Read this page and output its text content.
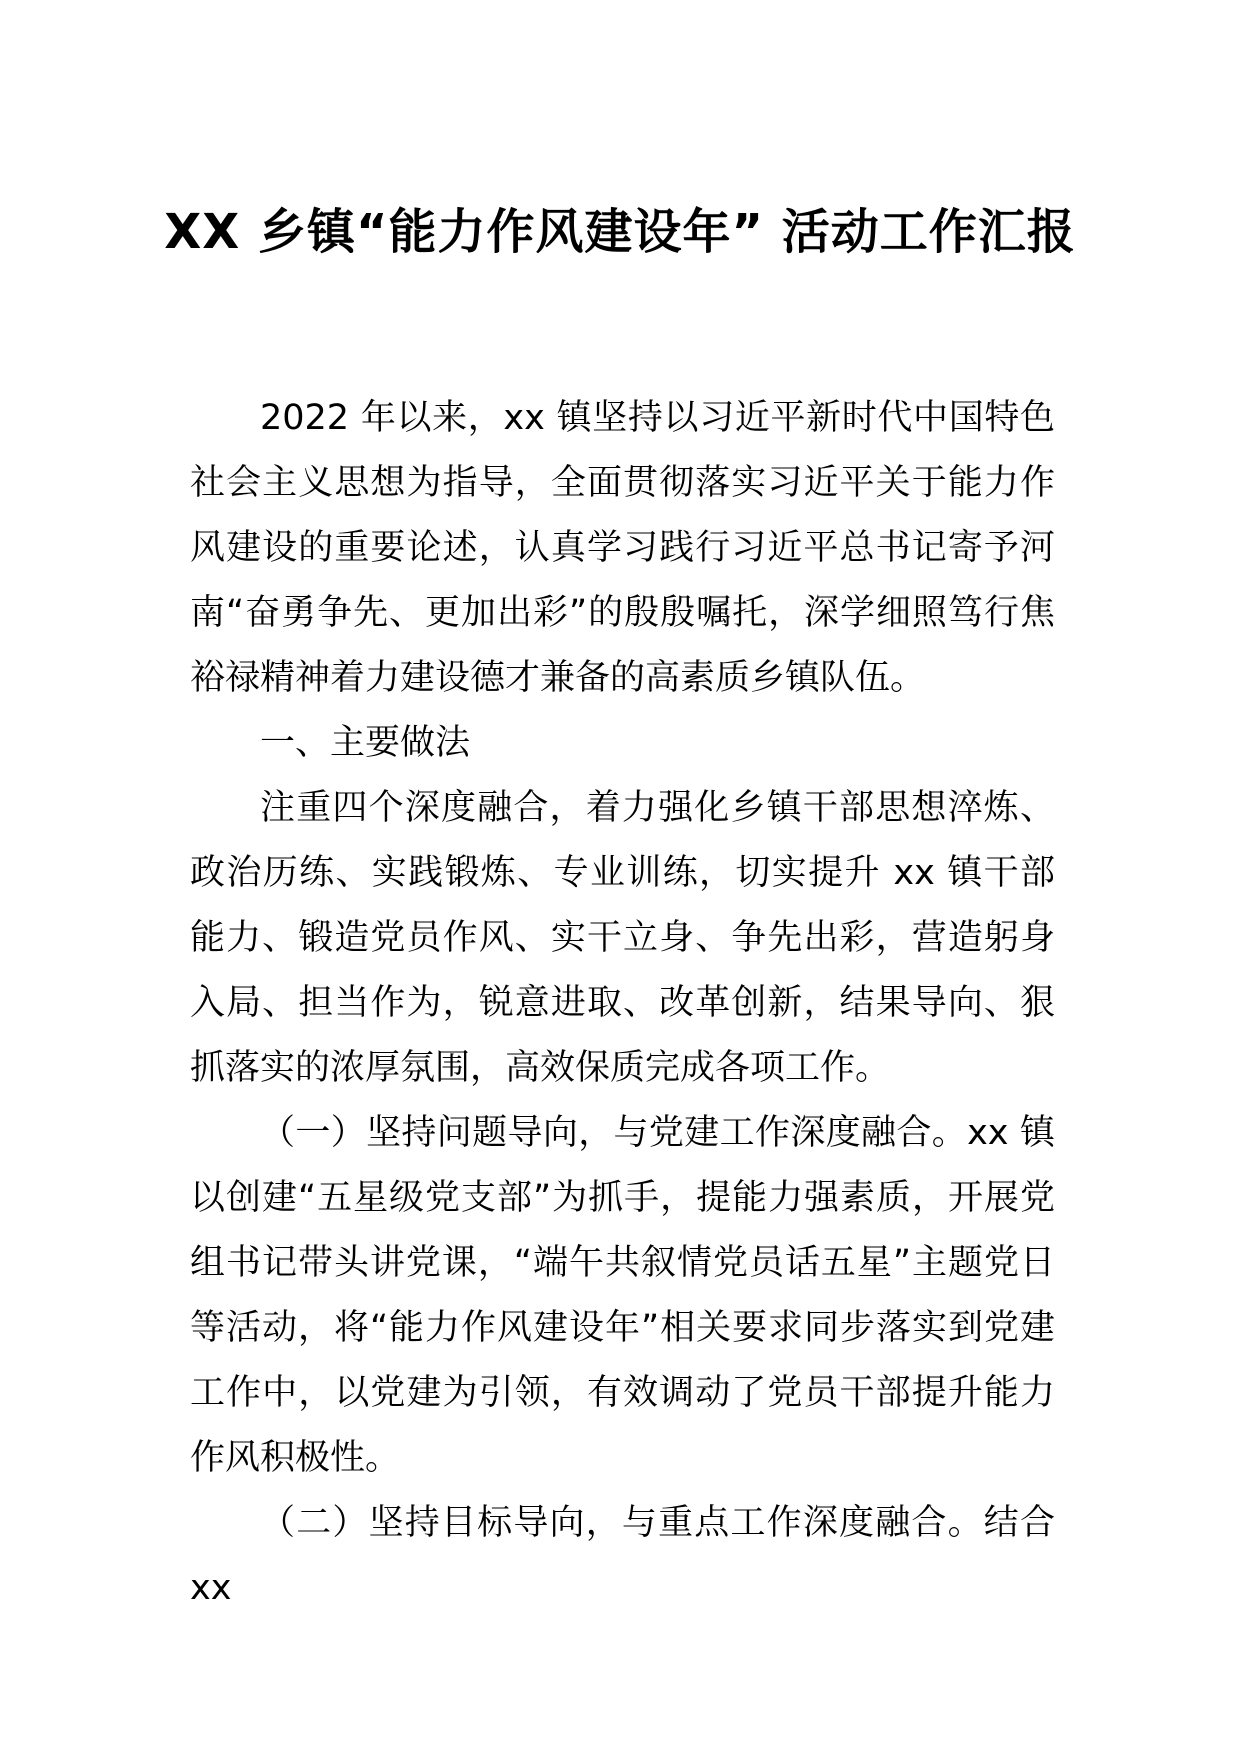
XX 乡镇“能力作风建设年” 活动工作汇报

2022 年以来，xx 镇坚持以习近平新时代中国特色社会主义思想为指导，全面贯彻落实习近平关于能力作风建设的重要论述，认真学习践行习近平总书记寄予河南“奋勇争先、更加出彩”的殷殷嘱托，深学细照笃行焦裕禄精神着力建设德才兼备的高素质乡镇队伍。

一、主要做法

注重四个深度融合，着力强化乡镇干部思想淬炼、政治历练、实践锻炼、专业训练，切实提升 xx 镇干部能力、锻造党员作风、实干立身、争先出彩，营造躬身入局、担当作为，锐意进取、改革创新，结果导向、狠抓落实的浓厚氛围，高效保质完成各项工作。

（一）坚持问题导向，与党建工作深度融合。xx 镇以创建“五星级党支部”为抓手，提能力强素质，开展党组书记带头讲党课，“端午共叙情党员话五星”主题党日等活动，将“能力作风建设年”相关要求同步落实到党建工作中，以党建为引领，有效调动了党员干部提升能力作风积极性。

（二）坚持目标导向，与重点工作深度融合。结合 xx
